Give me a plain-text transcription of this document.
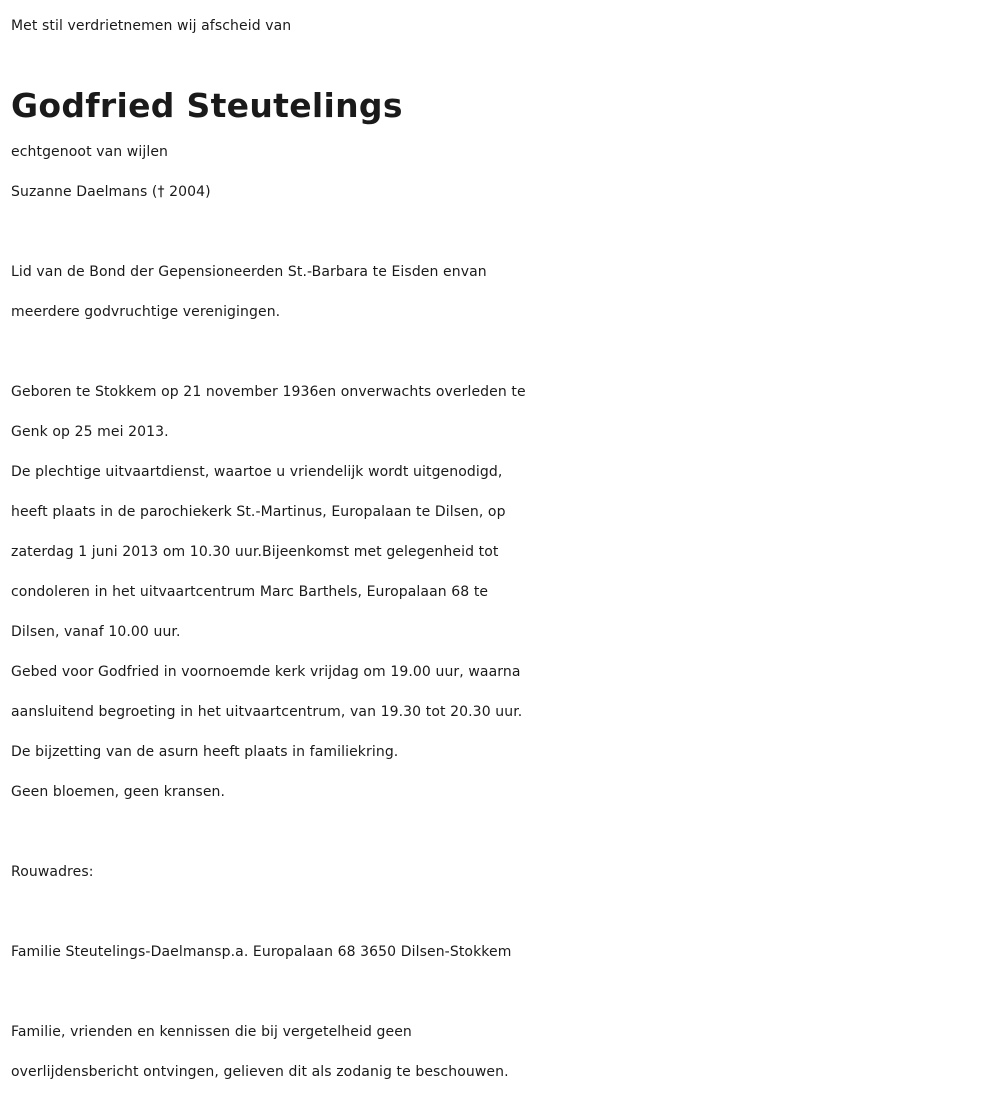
Met stil verdrietnemen wij afscheid van
Godfried Steutelings
echtgenoot van wijlen
Suzanne Daelmans († 2004)
Lid van de Bond der Gepensioneerden St.-Barbara te Eisden envan
meerdere godvruchtige verenigingen.
Geboren te Stokkem op 21 november 1936en onverwachts overleden te
Genk op 25 mei 2013.
De plechtige uitvaartdienst, waartoe u vriendelijk wordt uitgenodigd,
heeft plaats in de parochiekerk St.-Martinus, Europalaan te Dilsen, op
zaterdag 1 juni 2013 om 10.30 uur.Bijeenkomst met gelegenheid tot
condoleren in het uitvaartcentrum Marc Barthels, Europalaan 68 te
Dilsen, vanaf 10.00 uur.
Gebed voor Godfried in voornoemde kerk vrijdag om 19.00 uur, waarna
aansluitend begroeting in het uitvaartcentrum, van 19.30 tot 20.30 uur.
De bijzetting van de asurn heeft plaats in familiekring.
Geen bloemen, geen kransen.
Rouwadres:
Familie Steutelings-Daelmansp.a. Europalaan 68 3650 Dilsen-Stokkem
Familie, vrienden en kennissen die bij vergetelheid geen
overlijdensbericht ontvingen, gelieven dit als zodanig te beschouwen.
